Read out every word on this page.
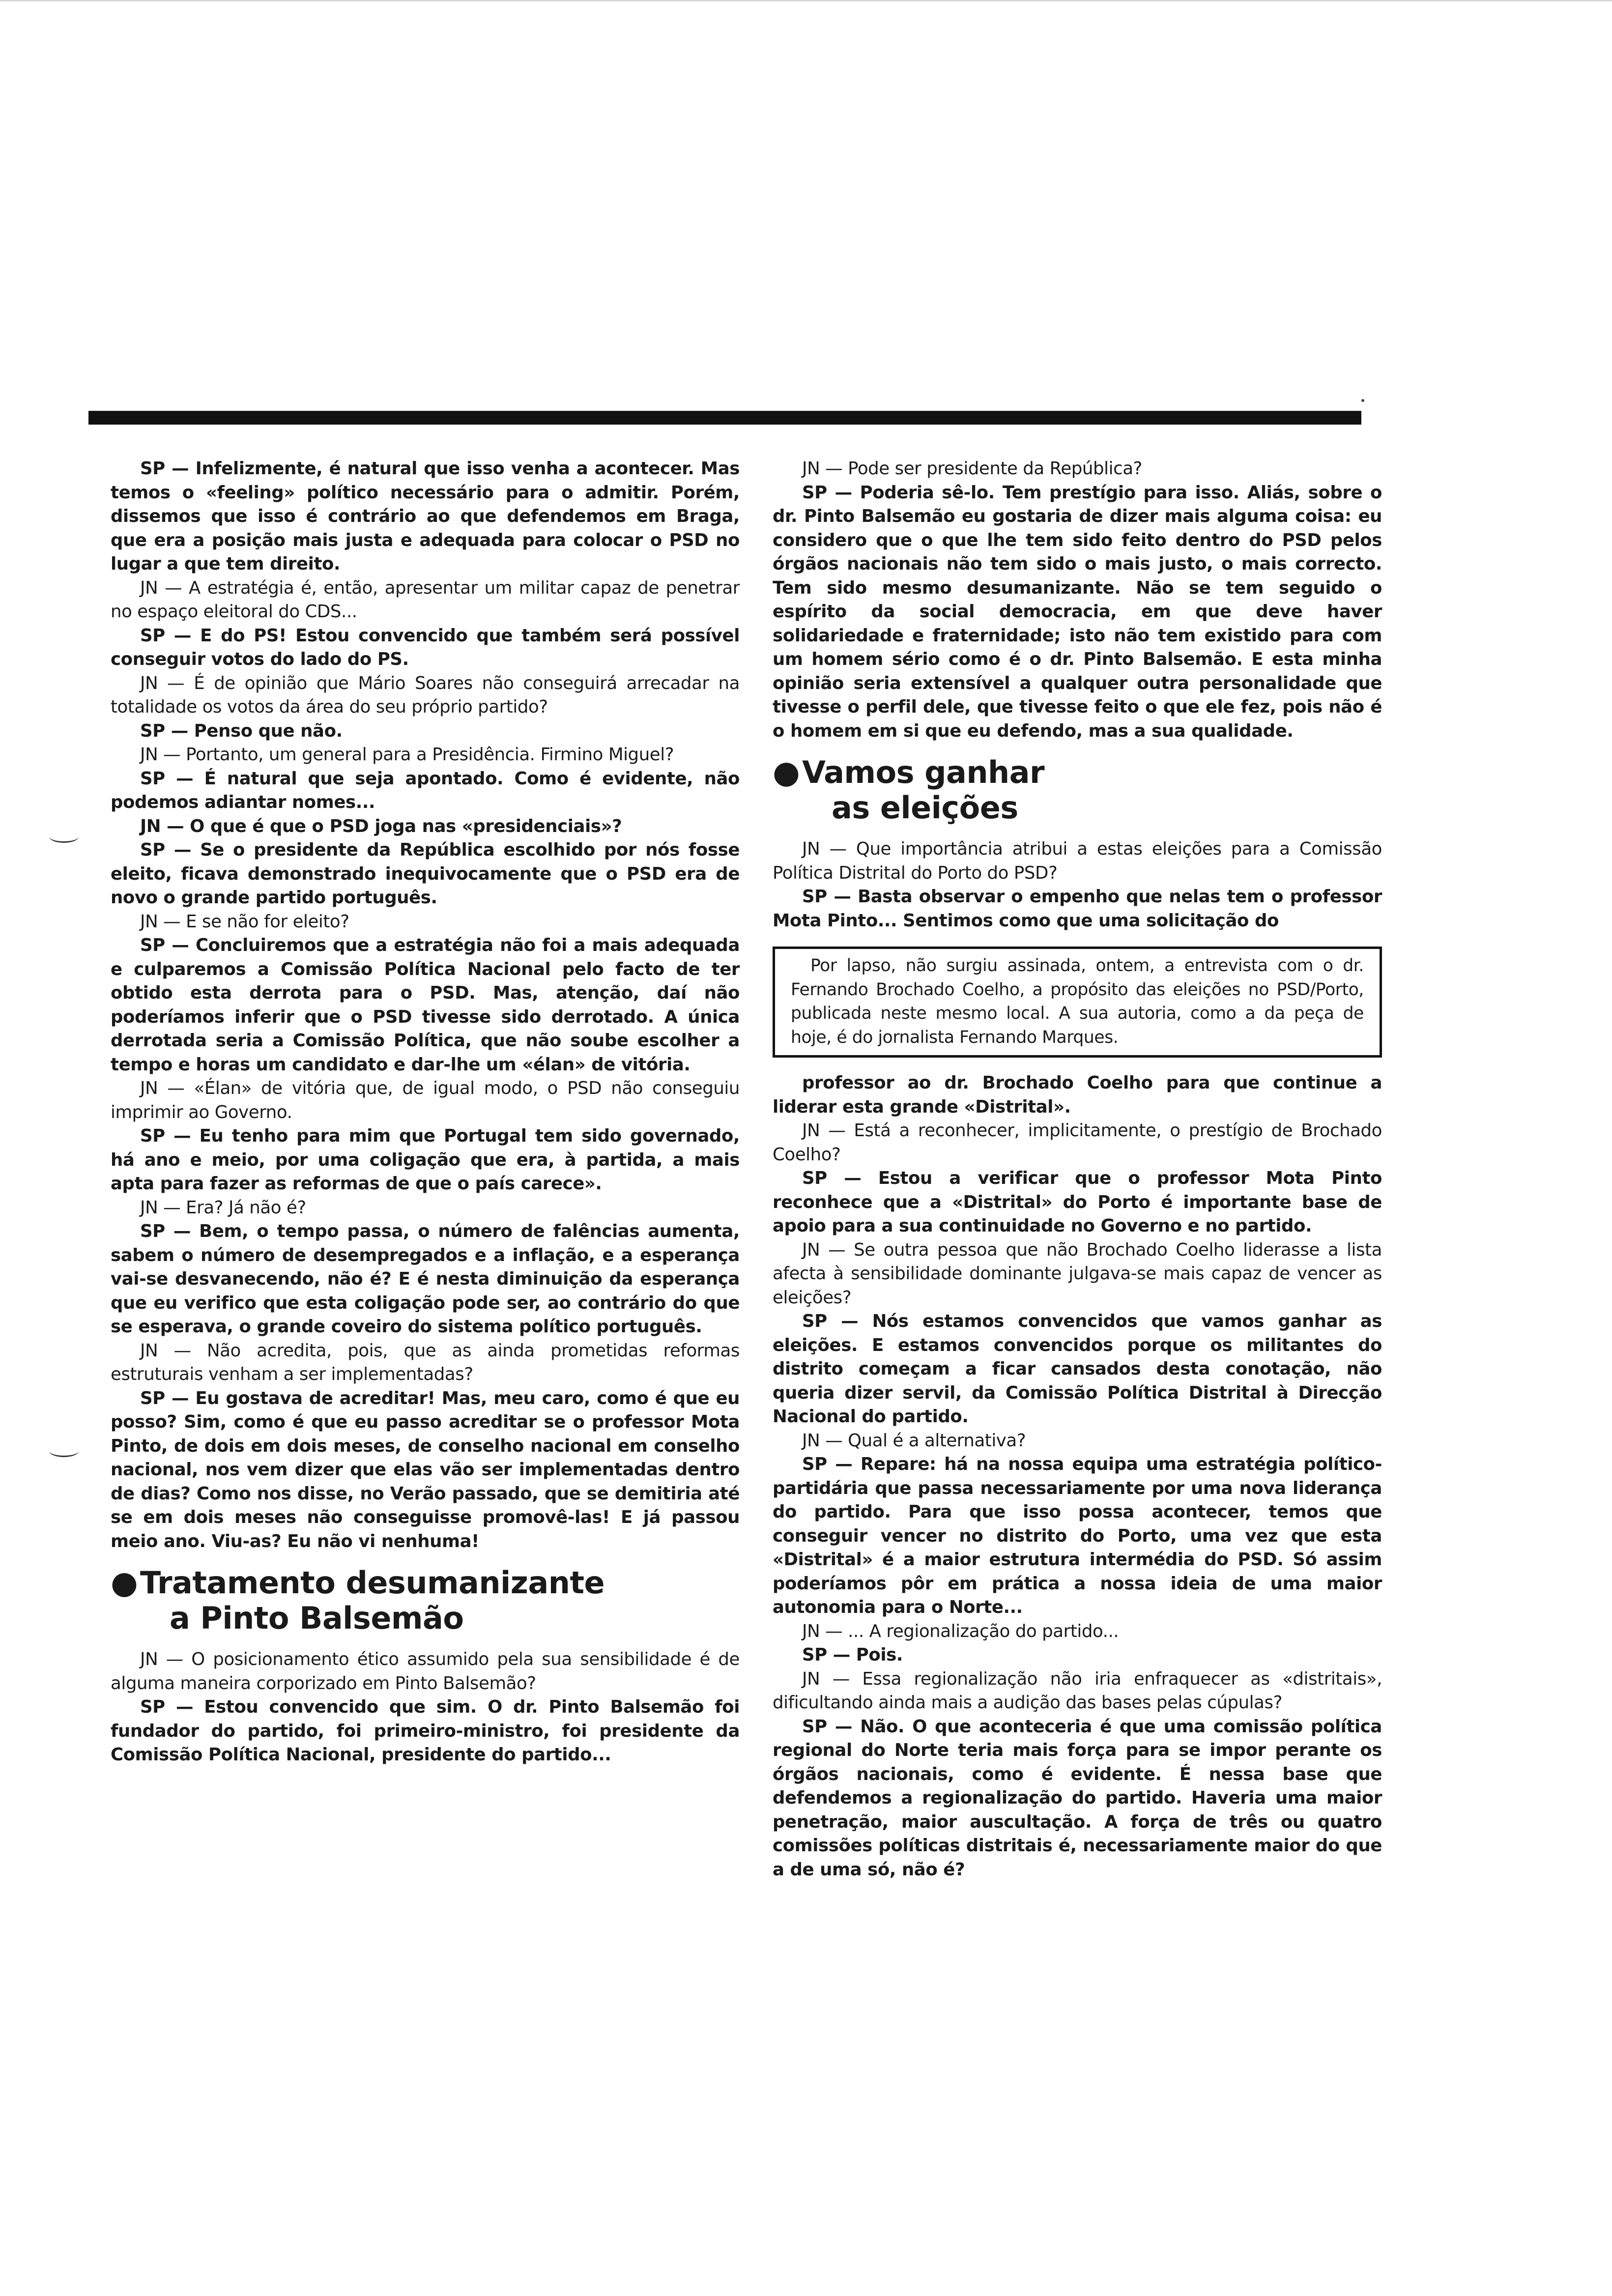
SP — Infelizmente, é natural que isso venha a acontecer. Mas temos o «feeling» político necessário para o admitir. Porém, dissemos que isso é contrário ao que defendemos em Braga, que era a posição mais justa e adequada para colocar o PSD no lugar a que tem direito.

JN — A estratégia é, então, apresentar um militar capaz de penetrar no espaço eleitoral do CDS...

SP — E do PS! Estou convencido que também será possível conseguir votos do lado do PS.

JN — É de opinião que Mário Soares não conseguirá arrecadar na totalidade os votos da área do seu próprio partido?

SP — Penso que não.

JN — Portanto, um general para a Presidência. Firmino Miguel?

SP — É natural que seja apontado. Como é evidente, não podemos adiantar nomes...

JN — O que é que o PSD joga nas «presidenciais»?

SP — Se o presidente da República escolhido por nós fosse eleito, ficava demonstrado inequivocamente que o PSD era de novo o grande partido português.

JN — E se não for eleito?

SP — Concluiremos que a estratégia não foi a mais adequada e culparemos a Comissão Política Nacional pelo facto de ter obtido esta derrota para o PSD. Mas, atenção, daí não poderíamos inferir que o PSD tivesse sido derrotado. A única derrotada seria a Comissão Política, que não soube escolher a tempo e horas um candidato e dar-lhe um «élan» de vitória.

JN — «Élan» de vitória que, de igual modo, o PSD não conseguiu imprimir ao Governo.

SP — Eu tenho para mim que Portugal tem sido governado, há ano e meio, por uma coligação que era, à partida, a mais apta para fazer as reformas de que o país carece».

JN — Era? Já não é?

SP — Bem, o tempo passa, o número de falências aumenta, sabem o número de desempregados e a inflação, e a esperança vai-se desvanecendo, não é? E é nesta diminuição da esperança que eu verifico que esta coligação pode ser, ao contrário do que se esperava, o grande coveiro do sistema político português.

JN — Não acredita, pois, que as ainda prometidas reformas estruturais venham a ser implementadas?

SP — Eu gostava de acreditar! Mas, meu caro, como é que eu posso? Sim, como é que eu passo acreditar se o professor Mota Pinto, de dois em dois meses, de conselho nacional em conselho nacional, nos vem dizer que elas vão ser implementadas dentro de dias? Como nos disse, no Verão passado, que se demitiria até se em dois meses não conseguisse promovê-las! E já passou meio ano. Viu-as? Eu não vi nenhuma!

● Tratamento desumanizante
a Pinto Balsemão

JN — O posicionamento ético assumido pela sua sensibilidade é de alguma maneira corporizado em Pinto Balsemão?

SP — Estou convencido que sim. O dr. Pinto Balsemão foi fundador do partido, foi primeiro-ministro, foi presidente da Comissão Política Nacional, presidente do partido...

JN — Pode ser presidente da República?

SP — Poderia sê-lo. Tem prestígio para isso. Aliás, sobre o dr. Pinto Balsemão eu gostaria de dizer mais alguma coisa: eu considero que o que lhe tem sido feito dentro do PSD pelos órgãos nacionais não tem sido o mais justo, o mais correcto. Tem sido mesmo desumanizante. Não se tem seguido o espírito da social democracia, em que deve haver solidariedade e fraternidade; isto não tem existido para com um homem sério como é o dr. Pinto Balsemão. E esta minha opinião seria extensível a qualquer outra personalidade que tivesse o perfil dele, que tivesse feito o que ele fez, pois não é o homem em si que eu defendo, mas a sua qualidade.

● Vamos ganhar
as eleições

JN — Que importância atribui a estas eleições para a Comissão Política Distrital do Porto do PSD?

SP — Basta observar o empenho que nelas tem o professor Mota Pinto... Sentimos como que uma solicitação do

Por lapso, não surgiu assinada, ontem, a entrevista com o dr. Fernando Brochado Coelho, a propósito das eleições no PSD/Porto, publicada neste mesmo local. A sua autoria, como a da peça de hoje, é do jornalista Fernando Marques.

professor ao dr. Brochado Coelho para que continue a liderar esta grande «Distrital».

JN — Está a reconhecer, implicitamente, o prestígio de Brochado Coelho?

SP — Estou a verificar que o professor Mota Pinto reconhece que a «Distrital» do Porto é importante base de apoio para a sua continuidade no Governo e no partido.

JN — Se outra pessoa que não Brochado Coelho liderasse a lista afecta à sensibilidade dominante julgava-se mais capaz de vencer as eleições?

SP — Nós estamos convencidos que vamos ganhar as eleições. E estamos convencidos porque os militantes do distrito começam a ficar cansados desta conotação, não queria dizer servil, da Comissão Política Distrital à Direcção Nacional do partido.

JN — Qual é a alternativa?

SP — Repare: há na nossa equipa uma estratégia político-partidária que passa necessariamente por uma nova liderança do partido. Para que isso possa acontecer, temos que conseguir vencer no distrito do Porto, uma vez que esta «Distrital» é a maior estrutura intermédia do PSD. Só assim poderíamos pôr em prática a nossa ideia de uma maior autonomia para o Norte...

JN — ... A regionalização do partido...

SP — Pois.

JN — Essa regionalização não iria enfraquecer as «distritais», dificultando ainda mais a audição das bases pelas cúpulas?

SP — Não. O que aconteceria é que uma comissão política regional do Norte teria mais força para se impor perante os órgãos nacionais, como é evidente. É nessa base que defendemos a regionalização do partido. Haveria uma maior penetração, maior auscultação. A força de três ou quatro comissões políticas distritais é, necessariamente maior do que a de uma só, não é?
